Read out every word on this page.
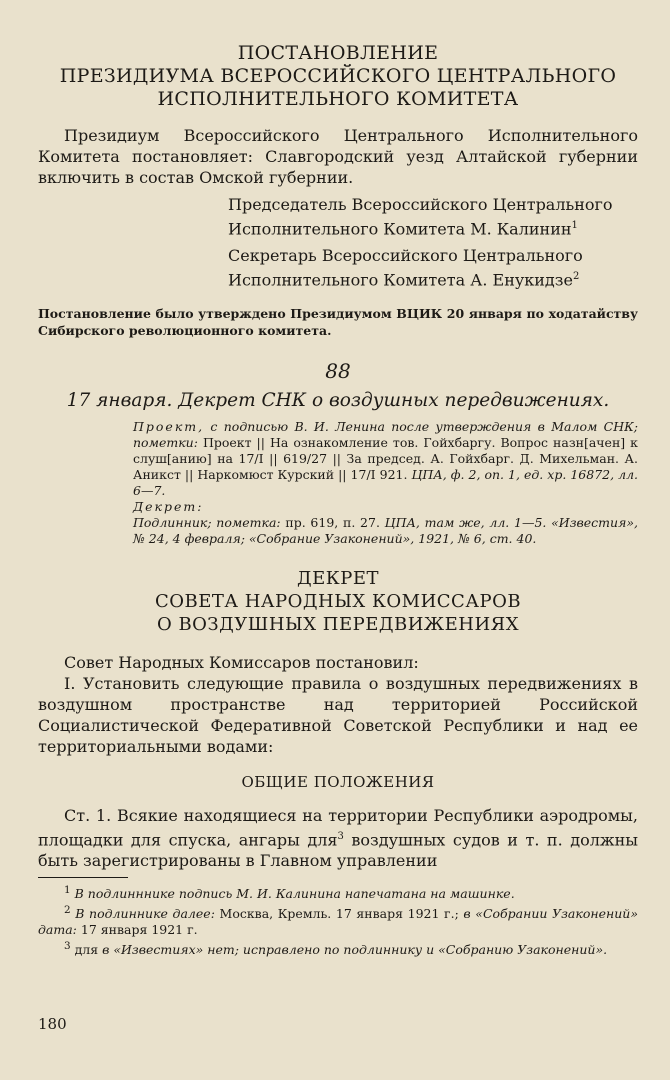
ПОСТАНОВЛЕНИЕ
ПРЕЗИДИУМА ВСЕРОССИЙСКОГО ЦЕНТРАЛЬНОГО
ИСПОЛНИТЕЛЬНОГО КОМИТЕТА

Президиум Всероссийского Центрального Исполнительного Комитета постановляет: Славгородский уезд Алтайской губернии включить в состав Омской губернии.

Председатель Всероссийского Центрального Исполнительного Комитета М. Калинин$^1$
Секретарь Всероссийского Центрального Исполнительного Комитета А. Енукидзе$^2$

Постановление было утверждено Президиумом ВЦИК 20 января по ходатайству Сибирского революционного комитета.

88
17 января. Декрет СНК о воздушных передвижениях.
Проект, с подписью В. И. Ленина после утверждения в Малом СНК; пометки: Проект || На ознакомление тов. Гойхбаргу. Вопрос назн[ачен] к слуш[анию] на 17/I || 619/27 || За председ. А. Гойхбарг. Д. Михельман. А. Аникст || Наркомюст Курский || 17/I 921. ЦПА, ф. 2, оп. 1, ед. хр. 16872, лл. 6—7.
Декрет:
Подлинник; пометка: пр. 619, п. 27. ЦПА, там же, лл. 1—5. «Известия», № 24, 4 февраля; «Собрание Узаконений», 1921, № 6, ст. 40.
ДЕКРЕТ
СОВЕТА НАРОДНЫХ КОМИССАРОВ
О ВОЗДУШНЫХ ПЕРЕДВИЖЕНИЯХ

Совет Народных Комиссаров постановил:

I. Установить следующие правила о воздушных передвижениях в воздушном пространстве над территорией Российской Социалистической Федеративной Советской Республики и над ее территориальными водами:

ОБЩИЕ ПОЛОЖЕНИЯ

Ст. 1. Всякие находящиеся на территории Республики аэродромы, площадки для спуска, ангары для$^3$ воздушных судов и т. п. должны быть зарегистрированы в Главном управлении

$^1$ В подлинннике подпись М. И. Калинина напечатана на машинке.
$^2$ В подлиннике далее: Москва, Кремль. 17 января 1921 г.; в «Собрании Узаконений» дата: 17 января 1921 г.
$^3$ для в «Известиях» нет; исправлено по подлиннику и «Собранию Узаконений».
180
